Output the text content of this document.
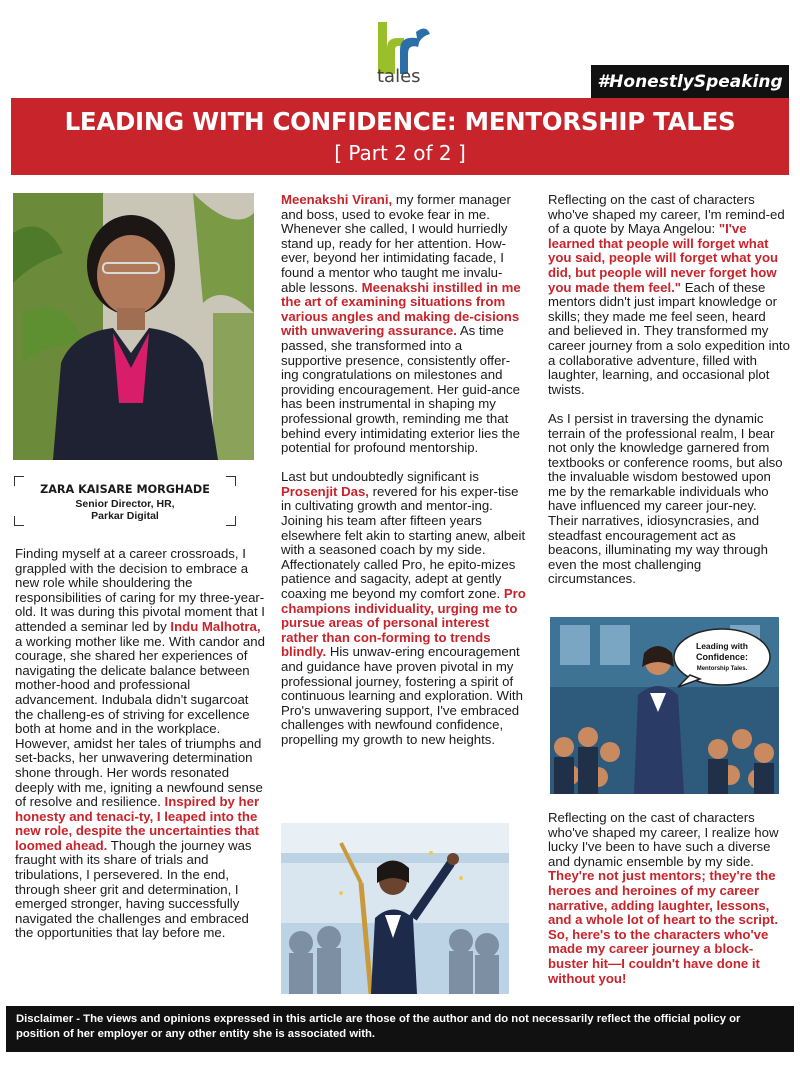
tales	#HonestlySpeaking
LEADING WITH CONFIDENCE: MENTORSHIP TALES
[ Part 2 of 2 ]
ZARA KAISARE MORGHADE
Senior Director, HR,
Parkar Digital

Finding myself at a career crossroads, I grappled with the decision to embrace a new role while shouldering the responsibilities of caring for my three-year-old. It was during this pivotal moment that I attended a seminar led by Indu Malhotra, a working mother like me. With candor and courage, she shared her experiences of navigating the delicate balance between mother-hood and professional advancement. Indubala didn't sugarcoat the challeng-es of striving for excellence both at home and in the workplace. However, amidst her tales of triumphs and set-backs, her unwavering determination shone through. Her words resonated deeply with me, igniting a newfound sense of resolve and resilience. Inspired by her honesty and tenaci-ty, I leaped into the new role, despite the uncertainties that loomed ahead. Though the journey was fraught with its share of trials and tribulations, I persevered. In the end, through sheer grit and determination, I emerged stronger, having successfully navigated the challenges and embraced the opportunities that lay before me.

Meenakshi Virani, my former manager and boss, used to evoke fear in me. Whenever she called, I would hurriedly stand up, ready for her attention. How-ever, beyond her intimidating facade, I found a mentor who taught me invalu-able lessons. Meenakshi instilled in me the art of examining situations from various angles and making de-cisions with unwavering assurance. As time passed, she transformed into a supportive presence, consistently offer-ing congratulations on milestones and providing encouragement. Her guid-ance has been instrumental in shaping my professional growth, reminding me that behind every intimidating exterior lies the potential for profound mentorship.

Last but undoubtedly significant is Prosenjit Das, revered for his exper-tise in cultivating growth and mentor-ing. Joining his team after fifteen years elsewhere felt akin to starting anew, albeit with a seasoned coach by my side. Affectionately called Pro, he epito-mizes patience and sagacity, adept at gently coaxing me beyond my comfort zone. Pro champions individuality, urging me to pursue areas of personal interest rather than con-forming to trends blindly. His unwav-ering encouragement and guidance have proven pivotal in my professional journey, fostering a spirit of continuous learning and exploration. With Pro's unwavering support, I've embraced challenges with newfound confidence, propelling my growth to new heights.

Reflecting on the cast of characters who've shaped my career, I'm remind-ed of a quote by Maya Angelou: "I've learned that people will forget what you said, people will forget what you did, but people will never forget how you made them feel." Each of these mentors didn't just impart knowledge or skills; they made me feel seen, heard and believed in. They transformed my career journey from a solo expedition into a collaborative adventure, filled with laughter, learning, and occasional plot twists.

As I persist in traversing the dynamic terrain of the professional realm, I bear not only the knowledge garnered from textbooks or conference rooms, but also the invaluable wisdom bestowed upon me by the remarkable individuals who have influenced my career jour-ney. Their narratives, idiosyncrasies, and steadfast encouragement act as beacons, illuminating my way through even the most challenging circumstances.

Leading with
Confidence:
Mentorship Tales.

Reflecting on the cast of characters who've shaped my career, I realize how lucky I've been to have such a diverse and dynamic ensemble by my side. They're not just mentors; they're the heroes and heroines of my career narrative, adding laughter, lessons, and a whole lot of heart to the script. So, here's to the characters who've made my career journey a block-buster hit—I couldn't have done it without you!

Disclaimer - The views and opinions expressed in this article are those of the author and do not necessarily reflect the official policy or position of her employer or any other entity she is associated with.
